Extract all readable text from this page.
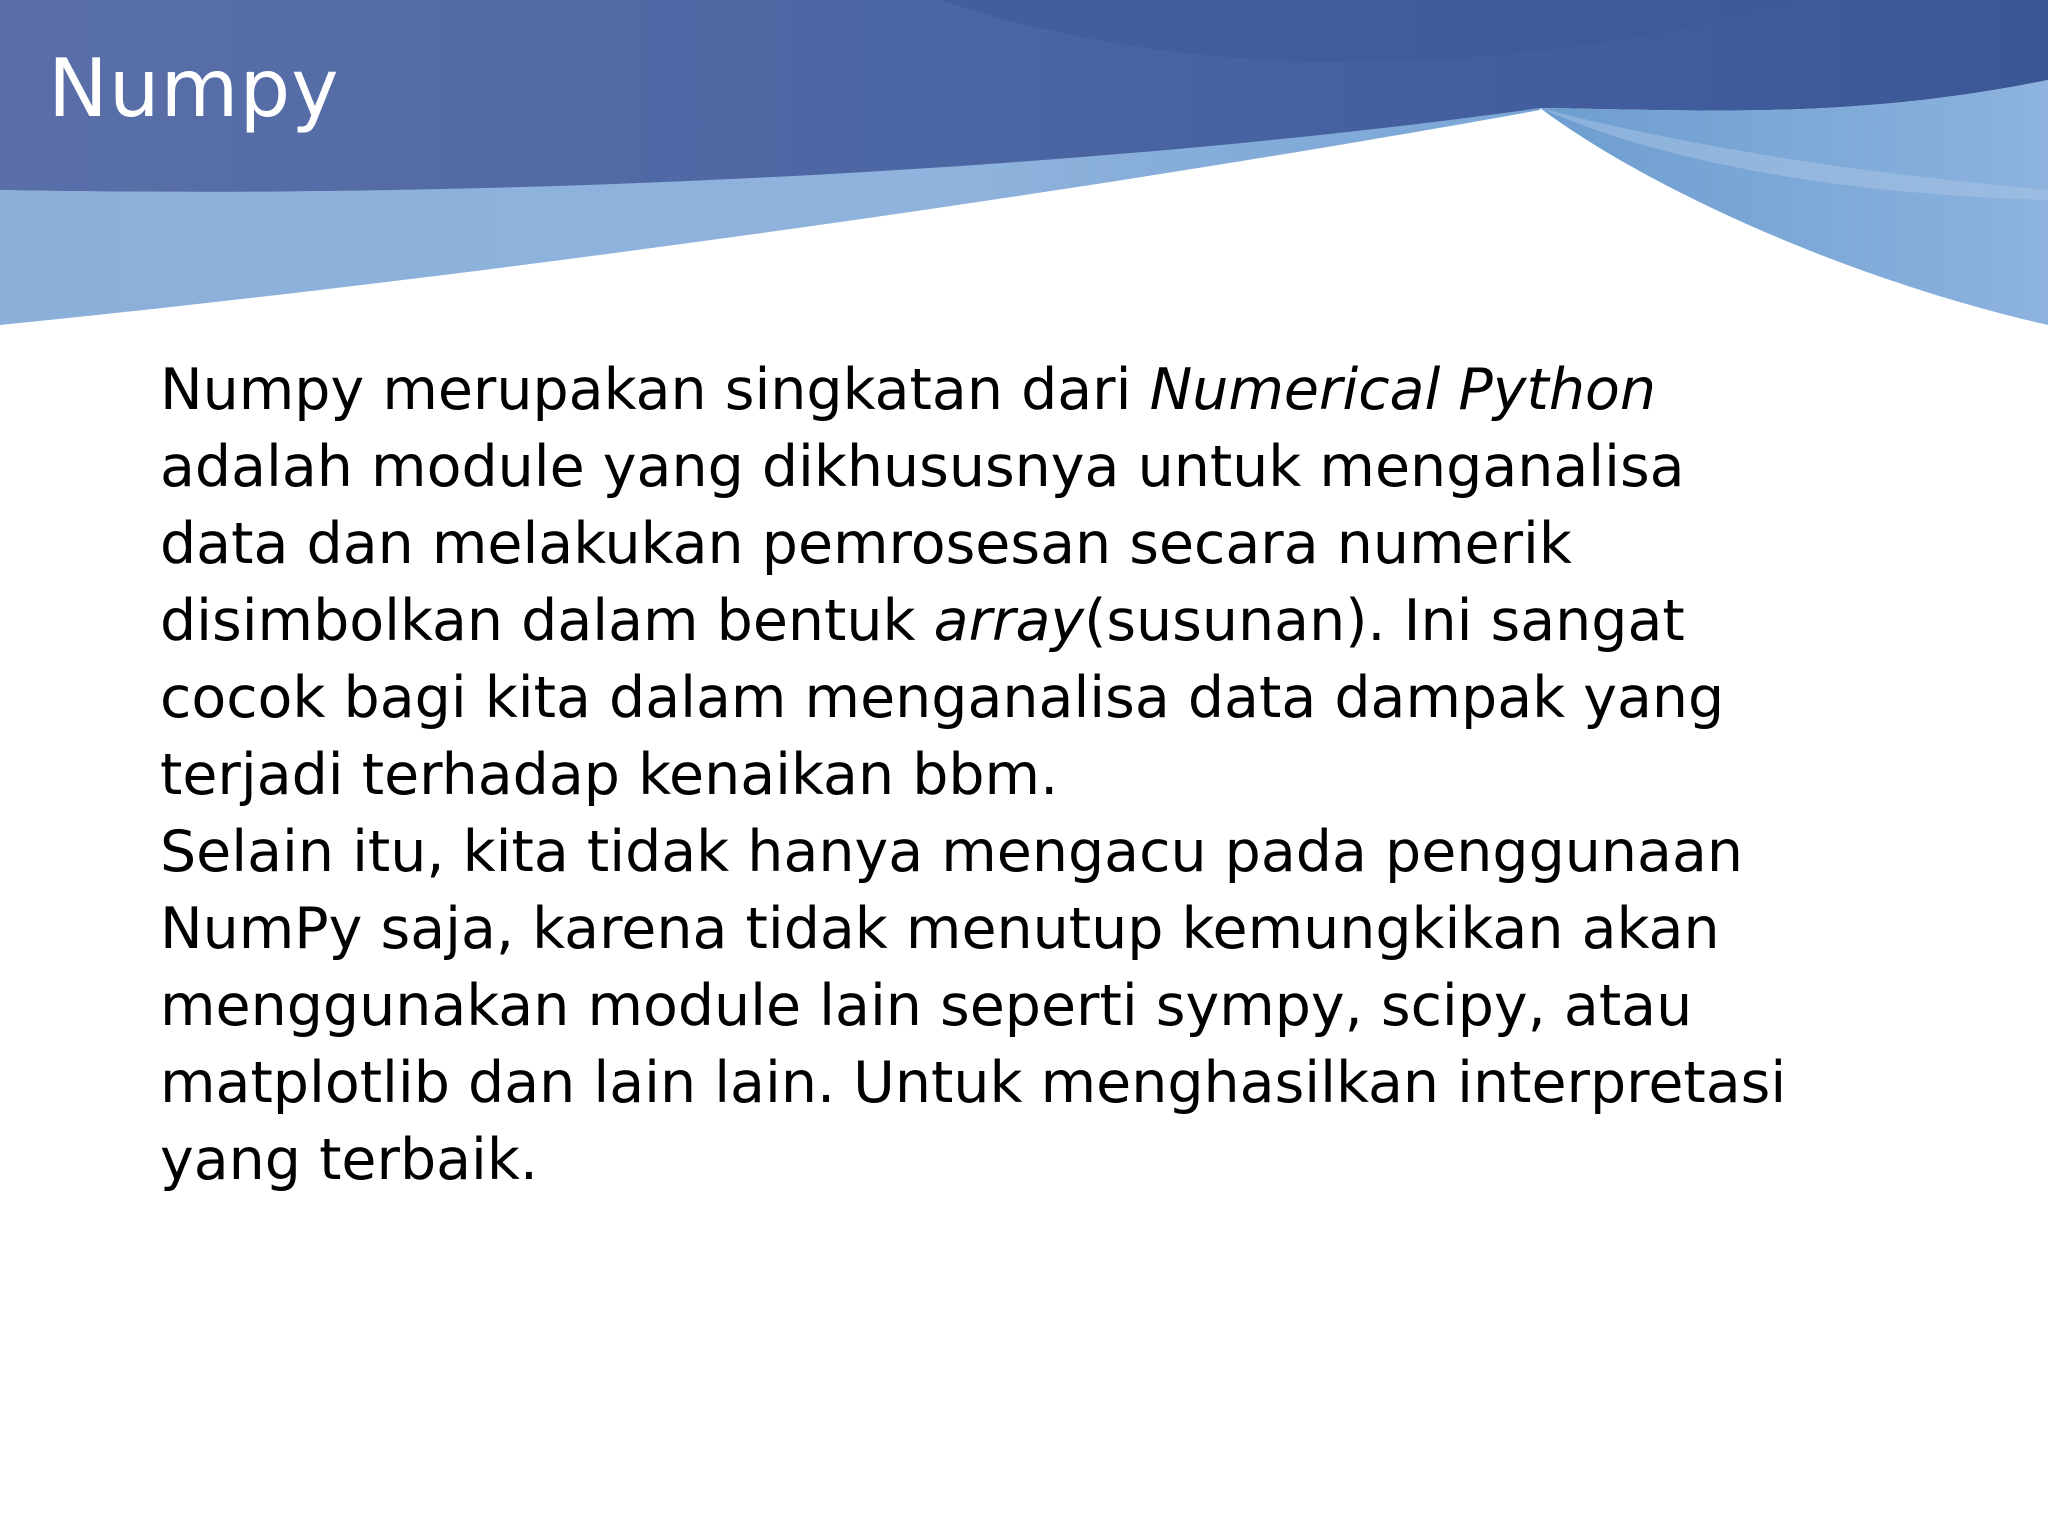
Numpy

Numpy merupakan singkatan dari Numerical Python

adalah module yang dikhususnya untuk menganalisa

data dan melakukan pemrosesan secara numerik

disimbolkan dalam bentuk array(susunan). Ini sangat

cocok bagi kita dalam menganalisa data dampak yang

terjadi terhadap kenaikan bbm.

Selain itu, kita tidak hanya mengacu pada penggunaan

NumPy saja, karena tidak menutup kemungkikan akan

menggunakan module lain seperti sympy, scipy, atau

matplotlib dan lain lain. Untuk menghasilkan interpretasi

yang terbaik.
